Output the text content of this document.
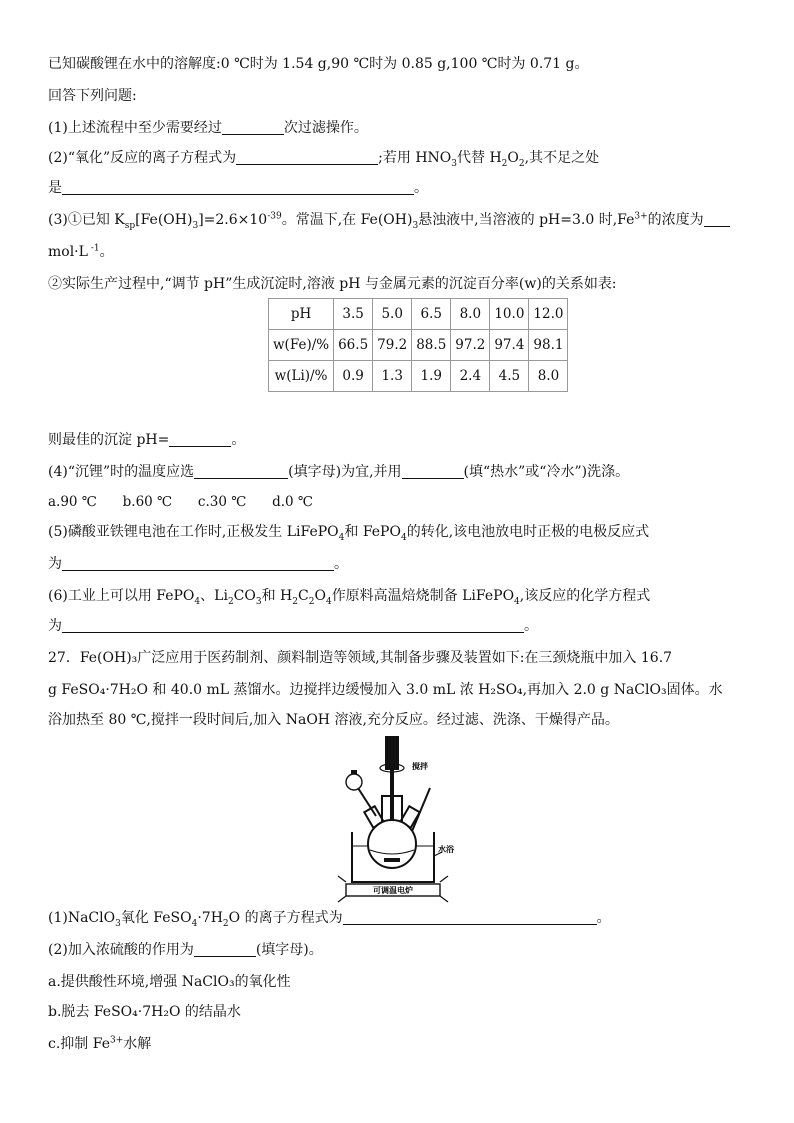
已知碳酸锂在水中的溶解度:0 ℃时为 1.54 g,90 ℃时为 0.85 g,100 ℃时为 0.71 g。
回答下列问题:
(1)上述流程中至少需要经过	次过滤操作。
(2)“氧化”反应的离子方程式为	;若用 $HNO_3$代替 $H_2O_2$,其不足之处
是	。
(3)①已知 $K_{sp}[Fe(OH)_3]=2.6\times 10^{-39}$。常温下,在 $Fe(OH)_3$悬浊液中,当溶液的 pH=3.0 时$,Fe^{3+}$的浓度为
mol·L $^{-1}$。
②实际生产过程中,“调节 pH”生成沉淀时,溶液 pH 与金属元素的沉淀百分率(w)的关系如表:
pH	3.5	5.0	6.5	8.0	10.0	12.0
w(Fe)/%	66.5	79.2	88.5	97.2	97.4	98.1
w(Li)/%	0.9	1.3	1.9	2.4	4.5	8.0
则最佳的沉淀 pH=	。
(4)“沉锂”时的温度应选	(填字母)为宜,并用	(填“热水”或“冷水”)洗涤。
a.90 ℃      b.60 ℃      c.30 ℃      d.0 ℃
(5)磷酸亚铁锂电池在工作时,正极发生 LiFePO$_4$和 FePO$_4$的转化,该电池放电时正极的电极反应式
为	。
(6)工业上可以用 FePO$_4$、$Li_2CO_3$和 $H_2C_2O_4$作原料高温焙烧制备 LiFePO$_4$,该反应的化学方程式
为	。
27．Fe(OH)₃广泛应用于医药制剂、颜料制造等领域,其制备步骤及装置如下:在三颈烧瓶中加入 16.7
g FeSO₄·7H₂O 和 40.0 mL 蒸馏水。边搅拌边缓慢加入 3.0 mL 浓 H₂SO₄,再加入 2.0 g NaClO₃固体。水
浴加热至 80 ℃,搅拌一段时间后,加入 NaOH 溶液,充分反应。经过滤、洗涤、干燥得产品。
搅拌
水浴
可调温电炉
(1)NaClO$_3$氧化 $FeSO_4\cdot 7H_2O$ 的离子方程式为	。
(2)加入浓硫酸的作用为	(填字母)。
a.提供酸性环境,增强 NaClO₃的氧化性
b.脱去 FeSO₄·7H₂O 的结晶水
c.抑制 $Fe^{3+}$水解
